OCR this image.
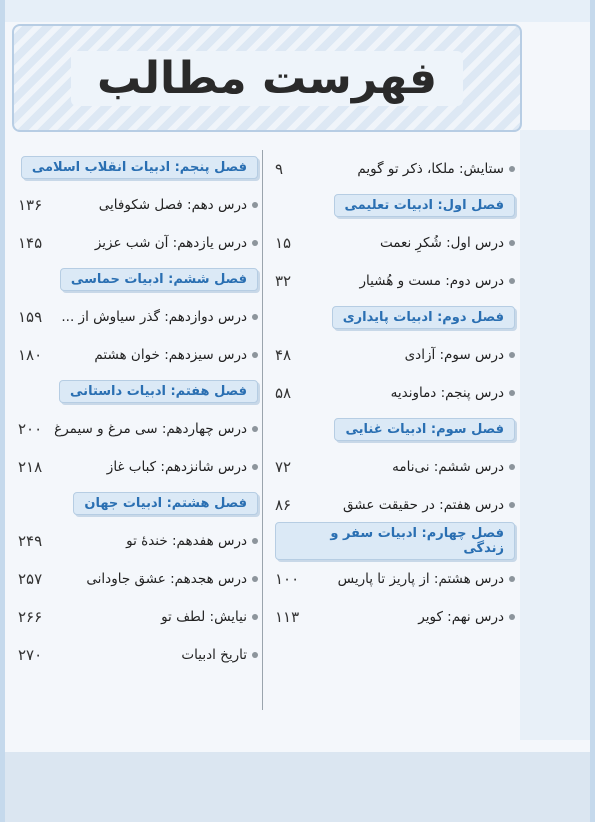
فهرست مطالب
ستایش: ملکا، ذکر تو گویم
۹
فصل اول: ادبیات تعلیمی
درس اول: شُکرِ نعمت
۱۵
درس دوم: مست و هُشیار
۳۲
فصل دوم: ادبیات پایداری
درس سوم: آزادی
۴۸
درس پنجم: دماوندیه
۵۸
فصل سوم: ادبیات غنایی
درس ششم: نی‌نامه
۷۲
درس هفتم: در حقیقت عشق
۸۶
فصل چهارم: ادبیات سفر و زندگی
درس هشتم: از پاریز تا پاریس
۱۰۰
درس نهم: کویر
۱۱۳
فصل پنجم: ادبیات انقلاب اسلامی
درس دهم: فصل شکوفایی
۱۳۶
درس یازدهم: آن شب عزیز
۱۴۵
فصل ششم: ادبیات حماسی
درس دوازدهم: گذر سیاوش از ...
۱۵۹
درس سیزدهم: خوان هشتم
۱۸۰
فصل هفتم: ادبیات داستانی
درس چهاردهم: سی مرغ و سیمرغ
۲۰۰
درس شانزدهم: کباب غاز
۲۱۸
فصل هشتم: ادبیات جهان
درس هفدهم: خندهٔ تو
۲۴۹
درس هجدهم: عشق جاودانی
۲۵۷
نیایش: لطف تو
۲۶۶
تاریخ ادبیات
۲۷۰
